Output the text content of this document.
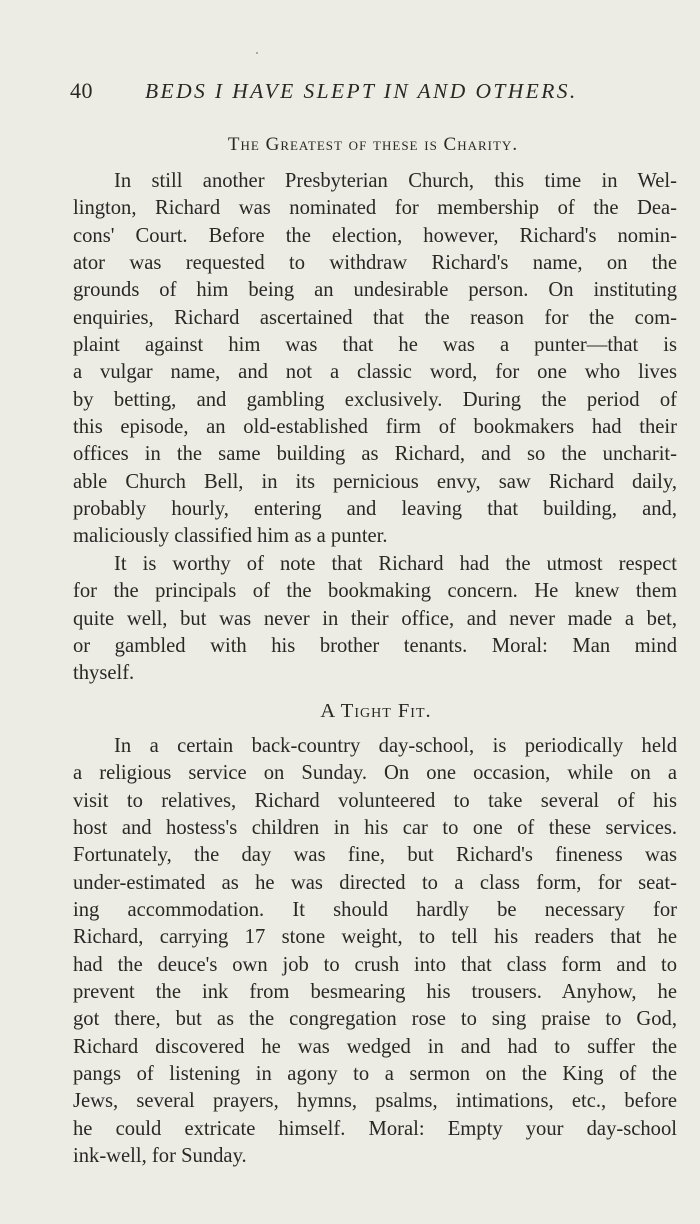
40 BEDS I HAVE SLEPT IN AND OTHERS.
The Greatest of these is Charity.
In still another Presbyterian Church, this time in Wel-
lington, Richard was nominated for membership of the Dea-
cons' Court. Before the election, however, Richard's nomin-
ator was requested to withdraw Richard's name, on the
grounds of him being an undesirable person. On instituting
enquiries, Richard ascertained that the reason for the com-
plaint against him was that he was a punter—that is
a vulgar name, and not a classic word, for one who lives
by betting, and gambling exclusively. During the period of
this episode, an old-established firm of bookmakers had their
offices in the same building as Richard, and so the uncharit-
able Church Bell, in its pernicious envy, saw Richard daily,
probably hourly, entering and leaving that building, and,
maliciously classified him as a punter.
It is worthy of note that Richard had the utmost respect
for the principals of the bookmaking concern. He knew them
quite well, but was never in their office, and never made a bet,
or gambled with his brother tenants. Moral: Man mind
thyself.
A Tight Fit.
In a certain back-country day-school, is periodically held
a religious service on Sunday. On one occasion, while on a
visit to relatives, Richard volunteered to take several of his
host and hostess's children in his car to one of these services.
Fortunately, the day was fine, but Richard's fineness was
under-estimated as he was directed to a class form, for seat-
ing accommodation. It should hardly be necessary for
Richard, carrying 17 stone weight, to tell his readers that he
had the deuce's own job to crush into that class form and to
prevent the ink from besmearing his trousers. Anyhow, he
got there, but as the congregation rose to sing praise to God,
Richard discovered he was wedged in and had to suffer the
pangs of listening in agony to a sermon on the King of the
Jews, several prayers, hymns, psalms, intimations, etc., before
he could extricate himself. Moral: Empty your day-school
ink-well, for Sunday.
